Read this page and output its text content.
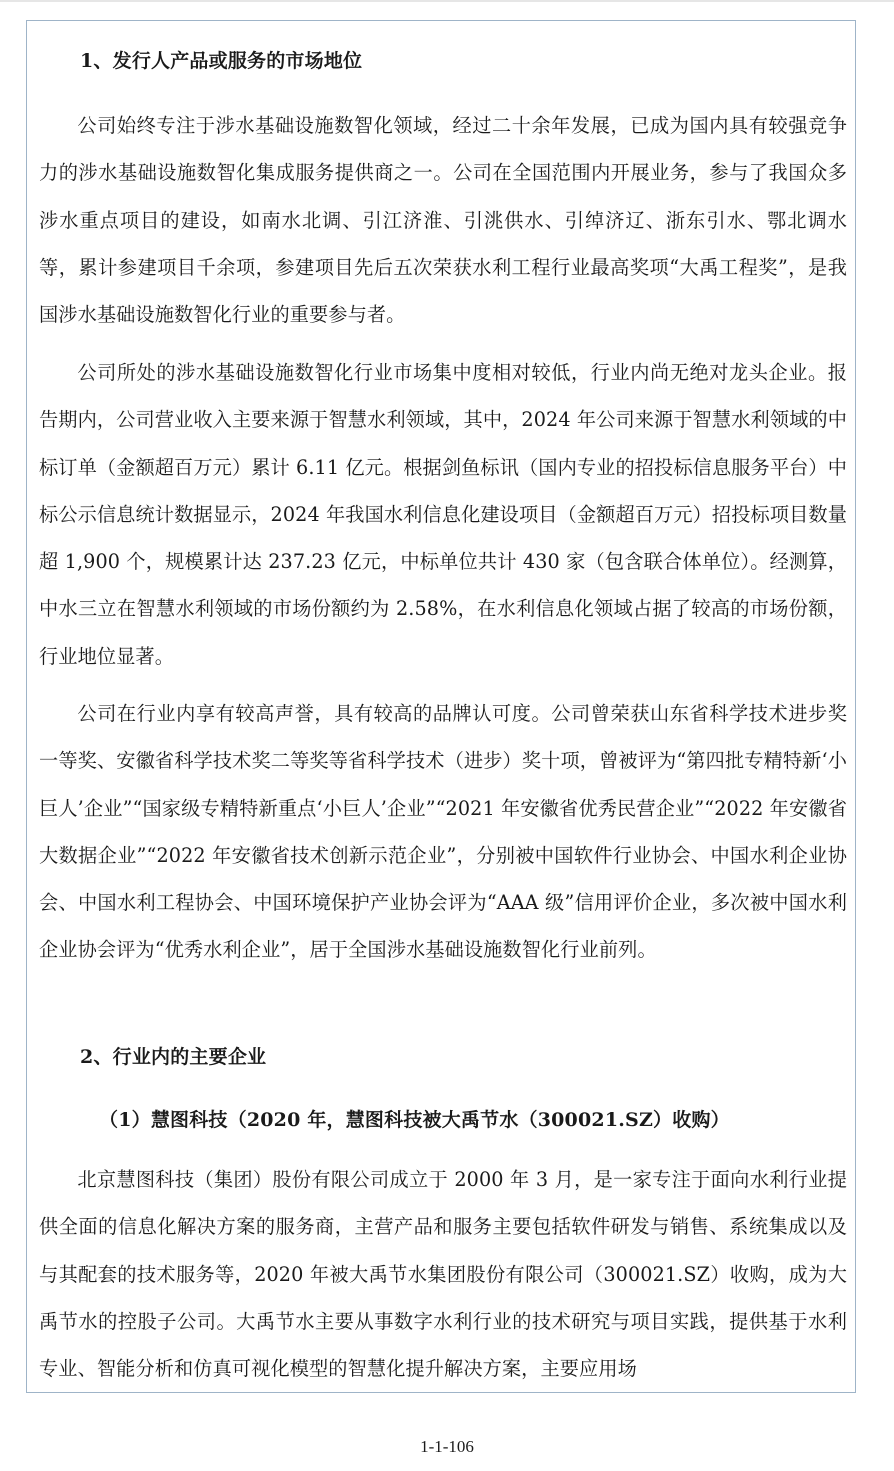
1、发行人产品或服务的市场地位

公司始终专注于涉水基础设施数智化领域，经过二十余年发展，已成为国内具有较强竞争力的涉水基础设施数智化集成服务提供商之一。公司在全国范围内开展业务，参与了我国众多涉水重点项目的建设，如南水北调、引江济淮、引洮供水、引绰济辽、浙东引水、鄂北调水等，累计参建项目千余项，参建项目先后五次荣获水利工程行业最高奖项“大禹工程奖”，是我国涉水基础设施数智化行业的重要参与者。

公司所处的涉水基础设施数智化行业市场集中度相对较低，行业内尚无绝对龙头企业。报告期内，公司营业收入主要来源于智慧水利领域，其中，2024 年公司来源于智慧水利领域的中标订单（金额超百万元）累计 6.11 亿元。根据剑鱼标讯（国内专业的招投标信息服务平台）中标公示信息统计数据显示，2024 年我国水利信息化建设项目（金额超百万元）招投标项目数量超 1,900 个，规模累计达 237.23 亿元，中标单位共计 430 家（包含联合体单位）。经测算，中水三立在智慧水利领域的市场份额约为 2.58%，在水利信息化领域占据了较高的市场份额，行业地位显著。

公司在行业内享有较高声誉，具有较高的品牌认可度。公司曾荣获山东省科学技术进步奖一等奖、安徽省科学技术奖二等奖等省科学技术（进步）奖十项，曾被评为“第四批专精特新‘小巨人’企业”“国家级专精特新重点‘小巨人’企业”“2021 年安徽省优秀民营企业”“2022 年安徽省大数据企业”“2022 年安徽省技术创新示范企业”，分别被中国软件行业协会、中国水利企业协会、中国水利工程协会、中国环境保护产业协会评为“AAA 级”信用评价企业，多次被中国水利企业协会评为“优秀水利企业”，居于全国涉水基础设施数智化行业前列。

2、行业内的主要企业
（1）慧图科技（2020 年，慧图科技被大禹节水（300021.SZ）收购）

北京慧图科技（集团）股份有限公司成立于 2000 年 3 月，是一家专注于面向水利行业提供全面的信息化解决方案的服务商，主营产品和服务主要包括软件研发与销售、系统集成以及与其配套的技术服务等，2020 年被大禹节水集团股份有限公司（300021.SZ）收购，成为大禹节水的控股子公司。大禹节水主要从事数字水利行业的技术研究与项目实践，提供基于水利专业、智能分析和仿真可视化模型的智慧化提升解决方案，主要应用场

1-1-106
